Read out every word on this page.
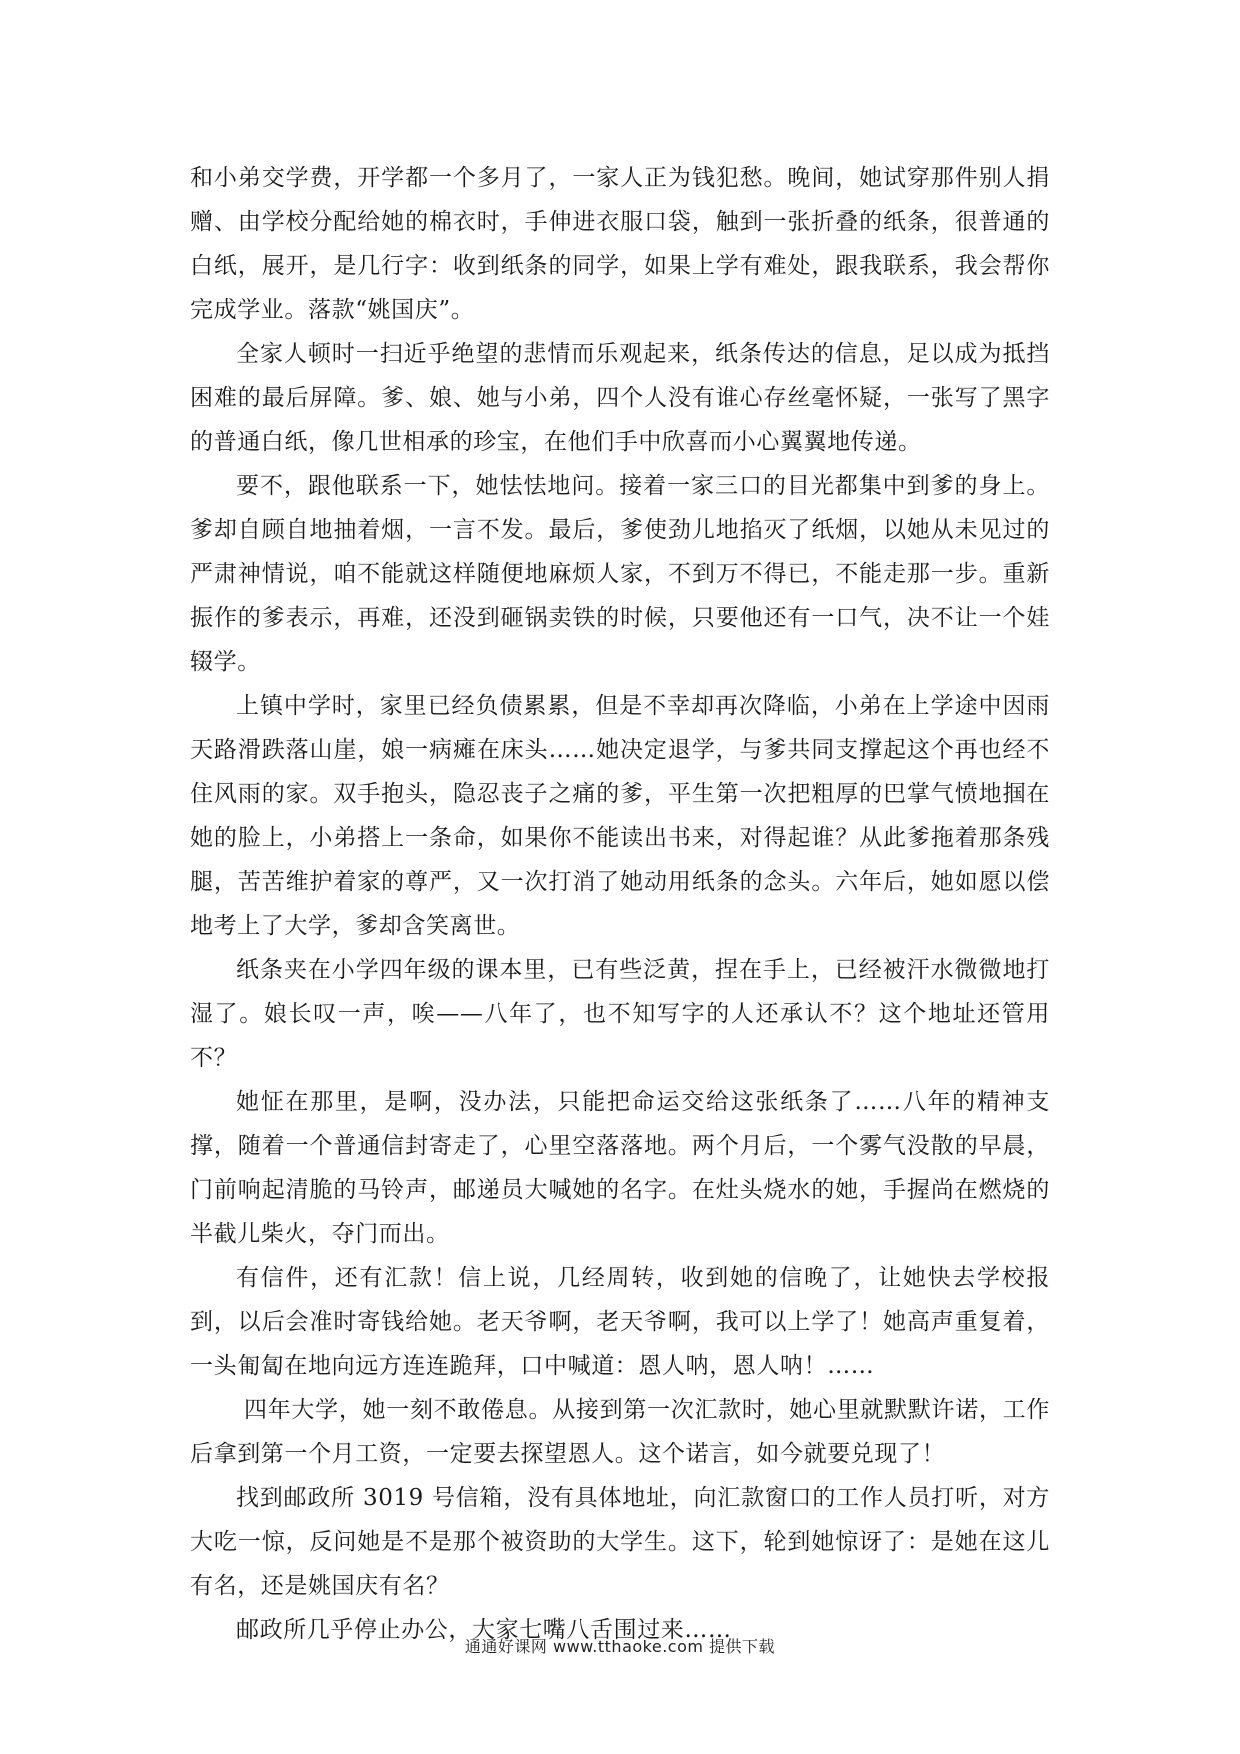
和小弟交学费，开学都一个多月了，一家人正为钱犯愁。晚间，她试穿那件别人捐赠、由学校分配给她的棉衣时，手伸进衣服口袋，触到一张折叠的纸条，很普通的白纸，展开，是几行字：收到纸条的同学，如果上学有难处，跟我联系，我会帮你完成学业。落款“姚国庆”。

全家人顿时一扫近乎绝望的悲情而乐观起来，纸条传达的信息，足以成为抵挡困难的最后屏障。爹、娘、她与小弟，四个人没有谁心存丝毫怀疑，一张写了黑字的普通白纸，像几世相承的珍宝，在他们手中欣喜而小心翼翼地传递。

要不，跟他联系一下，她怯怯地问。接着一家三口的目光都集中到爹的身上。爹却自顾自地抽着烟，一言不发。最后，爹使劲儿地掐灭了纸烟，以她从未见过的严肃神情说，咱不能就这样随便地麻烦人家，不到万不得已，不能走那一步。重新振作的爹表示，再难，还没到砸锅卖铁的时候，只要他还有一口气，决不让一个娃辍学。

上镇中学时，家里已经负债累累，但是不幸却再次降临，小弟在上学途中因雨天路滑跌落山崖，娘一病瘫在床头……她决定退学，与爹共同支撑起这个再也经不住风雨的家。双手抱头，隐忍丧子之痛的爹，平生第一次把粗厚的巴掌气愤地掴在她的脸上，小弟搭上一条命，如果你不能读出书来，对得起谁？从此爹拖着那条残腿，苦苦维护着家的尊严，又一次打消了她动用纸条的念头。六年后，她如愿以偿地考上了大学，爹却含笑离世。

纸条夹在小学四年级的课本里，已有些泛黄，捏在手上，已经被汗水微微地打湿了。娘长叹一声，唉——八年了，也不知写字的人还承认不？这个地址还管用不？

她怔在那里，是啊，没办法，只能把命运交给这张纸条了……八年的精神支撑，随着一个普通信封寄走了，心里空落落地。两个月后，一个雾气没散的早晨，门前响起清脆的马铃声，邮递员大喊她的名字。在灶头烧水的她，手握尚在燃烧的半截儿柴火，夺门而出。

有信件，还有汇款！信上说，几经周转，收到她的信晚了，让她快去学校报到，以后会准时寄钱给她。老天爷啊，老天爷啊，我可以上学了！她高声重复着，一头匍匐在地向远方连连跪拜，口中喊道：恩人呐，恩人呐！……

四年大学，她一刻不敢倦息。从接到第一次汇款时，她心里就默默许诺，工作后拿到第一个月工资，一定要去探望恩人。这个诺言，如今就要兑现了！

找到邮政所 3019 号信箱，没有具体地址，向汇款窗口的工作人员打听，对方大吃一惊，反问她是不是那个被资助的大学生。这下，轮到她惊讶了：是她在这儿有名，还是姚国庆有名？

邮政所几乎停止办公，大家七嘴八舌围过来……

通通好课网 www.tthaoke.com 提供下载
